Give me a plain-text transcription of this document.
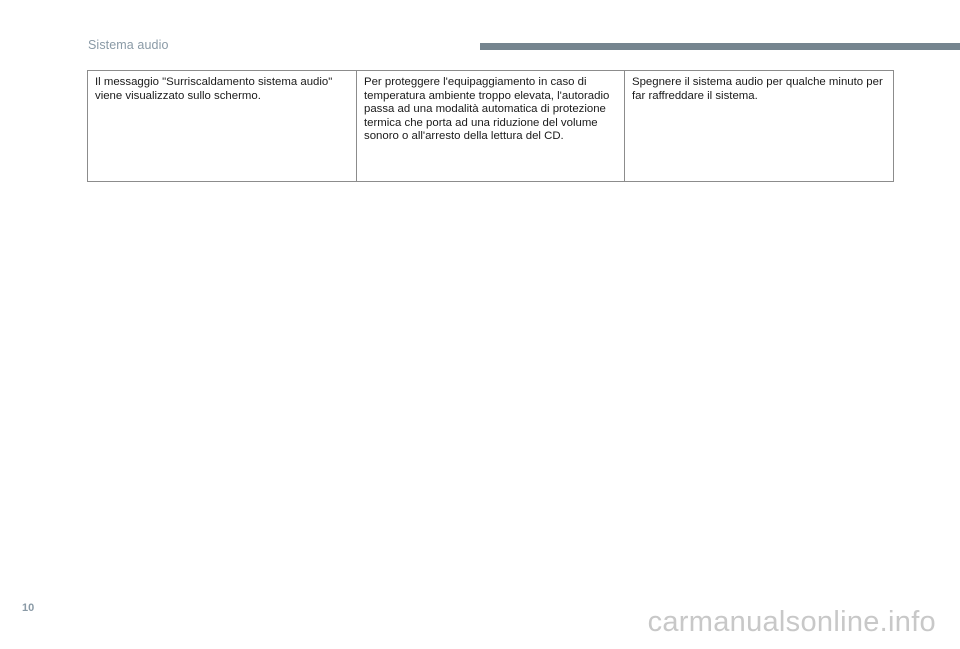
Sistema audio
Il messaggio "Surriscaldamento sistema audio" viene visualizzato sullo schermo.	Per proteggere l'equipaggiamento in caso di temperatura ambiente troppo elevata, l'autoradio passa ad una modalità automatica di protezione termica che porta ad una riduzione del volume sonoro o all'arresto della lettura del CD.	Spegnere il sistema audio per qualche minuto per far raffreddare il sistema.
10	carmanualsonline.info
